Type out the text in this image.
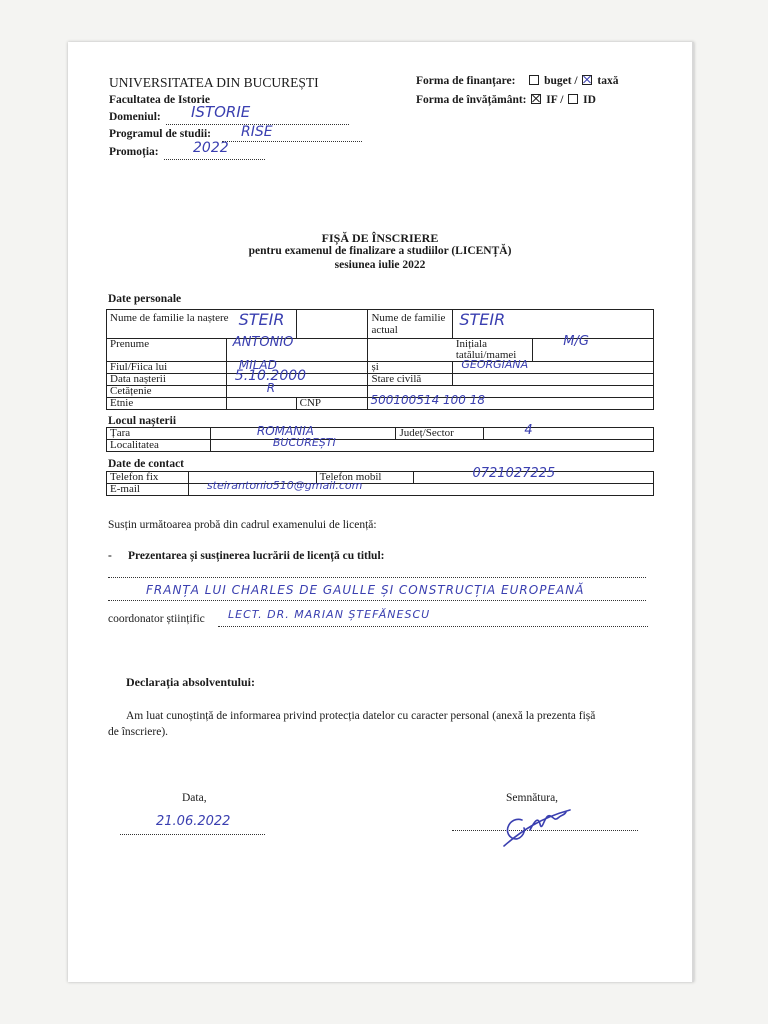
UNIVERSITATEA DIN BUCUREȘTI
Facultatea de Istorie
Domeniul: ISTORIE
Programul de studii: RISE
Promoția: 2022
Forma de finanțare: buget / taxă
Forma de învățământ: IF / ID
FIȘĂ DE ÎNSCRIERE
pentru examenul de finalizare a studiilor (LICENȚĂ)
sesiunea iulie 2022
Date personale
Nume de familie la naștere		STEIR	Nume de familie actual	STEIR	

Prenume	ANTONIO			Inițiala tatălui/mamei	M/G

Fiul/Fiica lui	MILAD		și	GEORGIANA	

Data nașterii	5.10.2000		Stare civilă		
Cetățenie	R				

Etnie		CNP	500100514 100 18		
Locul nașterii
Țara	ROMANIA	Județ/Sector	4

Localitatea	BUCUREȘTI		
Date de contact
Telefon fix		Telefon mobil	0721027225

E-mail	steirantonio510@gmail.com		
Susțin următoarea probă din cadrul examenului de licență:
- Prezentarea și susținerea lucrării de licență cu titlul:
FRANȚA LUI CHARLES DE GAULLE ȘI CONSTRUCȚIA EUROPEANĂ
coordonator științific LECT. DR. MARIAN ȘTEFĂNESCU
Declarația absolventului:
Am luat cunoștință de informarea privind protecția datelor cu caracter personal (anexă la prezenta fișă
de înscriere).
Data,
21.06.2022
Semnătura,
